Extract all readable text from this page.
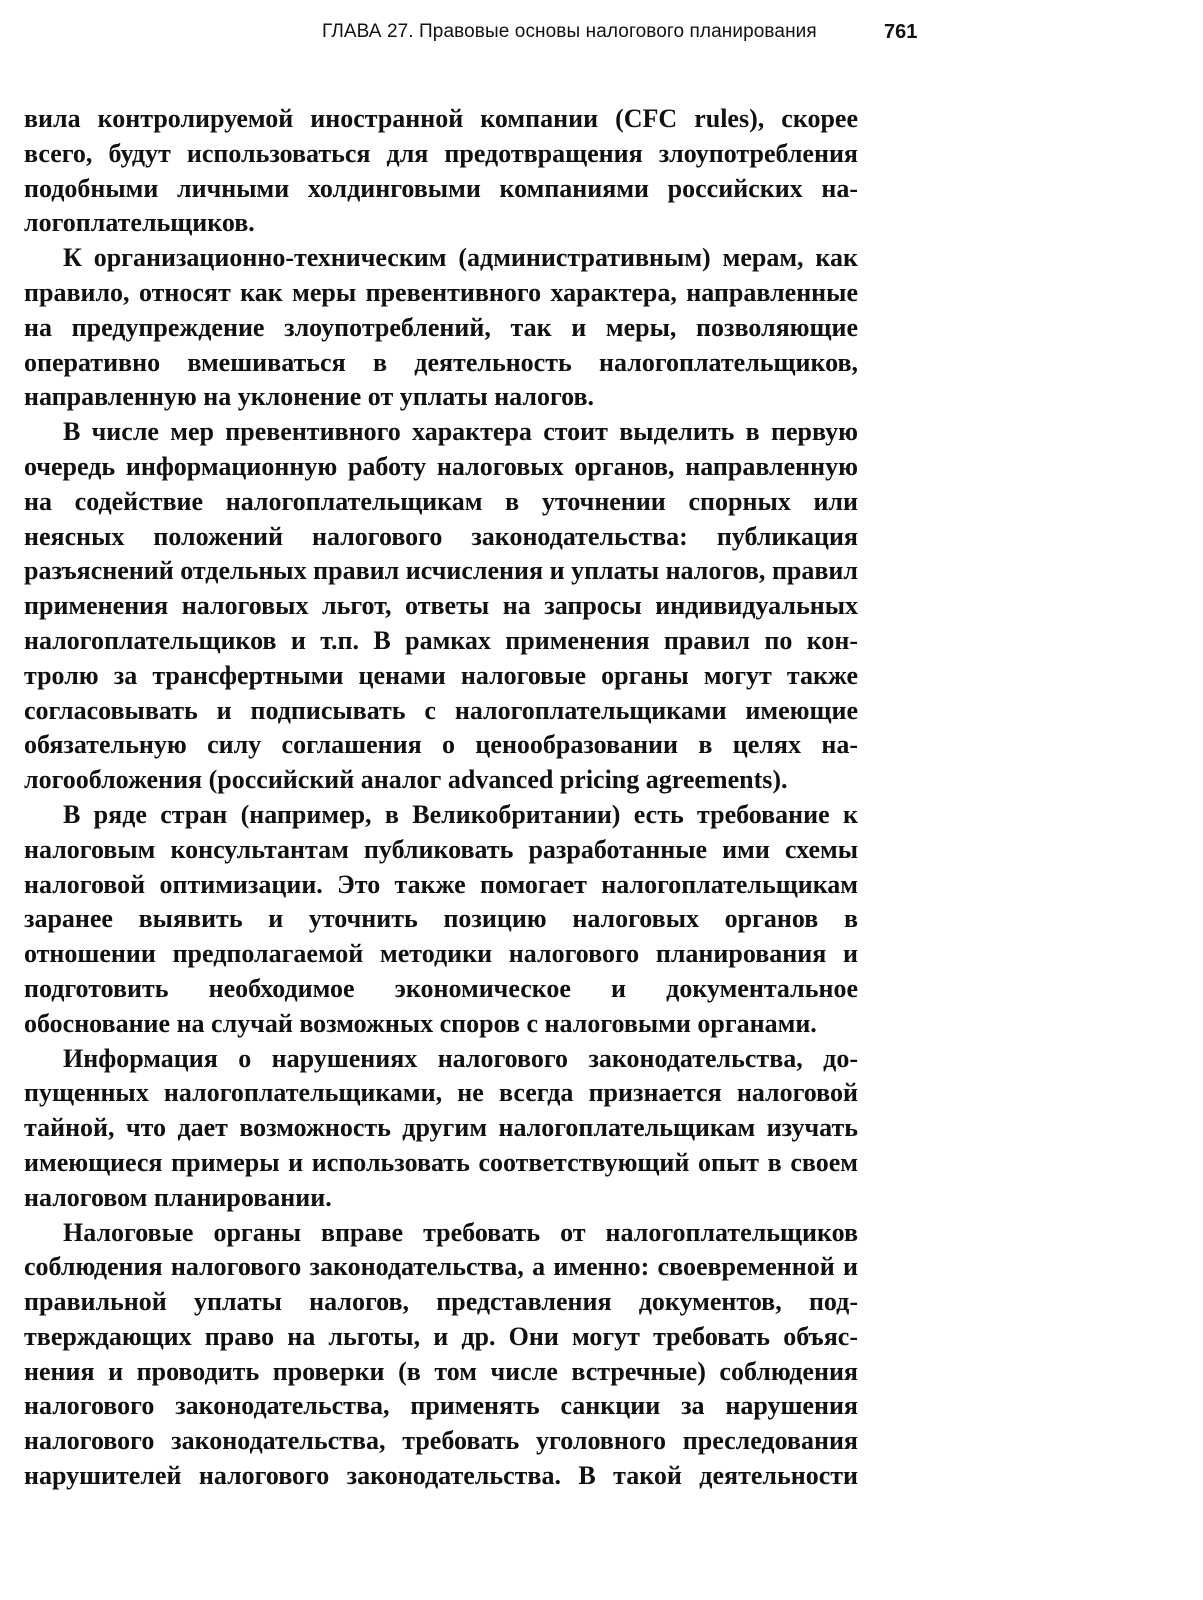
ГЛАВА 27. Правовые основы налогового планирования	761

вила контролируемой иностранной компании (CFC rules), скорее всего, будут использоваться для предотвращения злоупотребления подобными личными холдинговыми компаниями российских налогоплательщиков.

К организационно-техническим (административным) мерам, как правило, относят как меры превентивного характера, направленные на предупреждение злоупотреблений, так и меры, позволяющие оперативно вмешиваться в деятельность налогоплательщиков, направленную на уклонение от уплаты налогов.

В числе мер превентивного характера стоит выделить в первую очередь информационную работу налоговых органов, направленную на содействие налогоплательщикам в уточнении спорных или неясных положений налогового законодательства: публикация разъяснений отдельных правил исчисления и уплаты налогов, правил применения налоговых льгот, ответы на запросы индивидуальных налогоплательщиков и т.п. В рамках применения правил по контролю за трансфертными ценами налоговые органы могут также согласовывать и подписывать с налогоплательщиками имеющие обязательную силу соглашения о ценообразовании в целях налогообложения (российский аналог advanced pricing agreements).

В ряде стран (например, в Великобритании) есть требование к налоговым консультантам публиковать разработанные ими схемы налоговой оптимизации. Это также помогает налогоплательщикам заранее выявить и уточнить позицию налоговых органов в отношении предполагаемой методики налогового планирования и подготовить необходимое экономическое и документальное обоснование на случай возможных споров с налоговыми органами.

Информация о нарушениях налогового законодательства, допущенных налогоплательщиками, не всегда признается налоговой тайной, что дает возможность другим налогоплательщикам изучать имеющиеся примеры и использовать соответствующий опыт в своем налоговом планировании.

Налоговые органы вправе требовать от налогоплательщиков соблюдения налогового законодательства, а именно: своевременной и правильной уплаты налогов, представления документов, подтверждающих право на льготы, и др. Они могут требовать объяснения и проводить проверки (в том числе встречные) соблюдения налогового законодательства, применять санкции за нарушения налогового законодательства, требовать уголовного преследования нарушителей налогового законодательства. В такой деятельности
